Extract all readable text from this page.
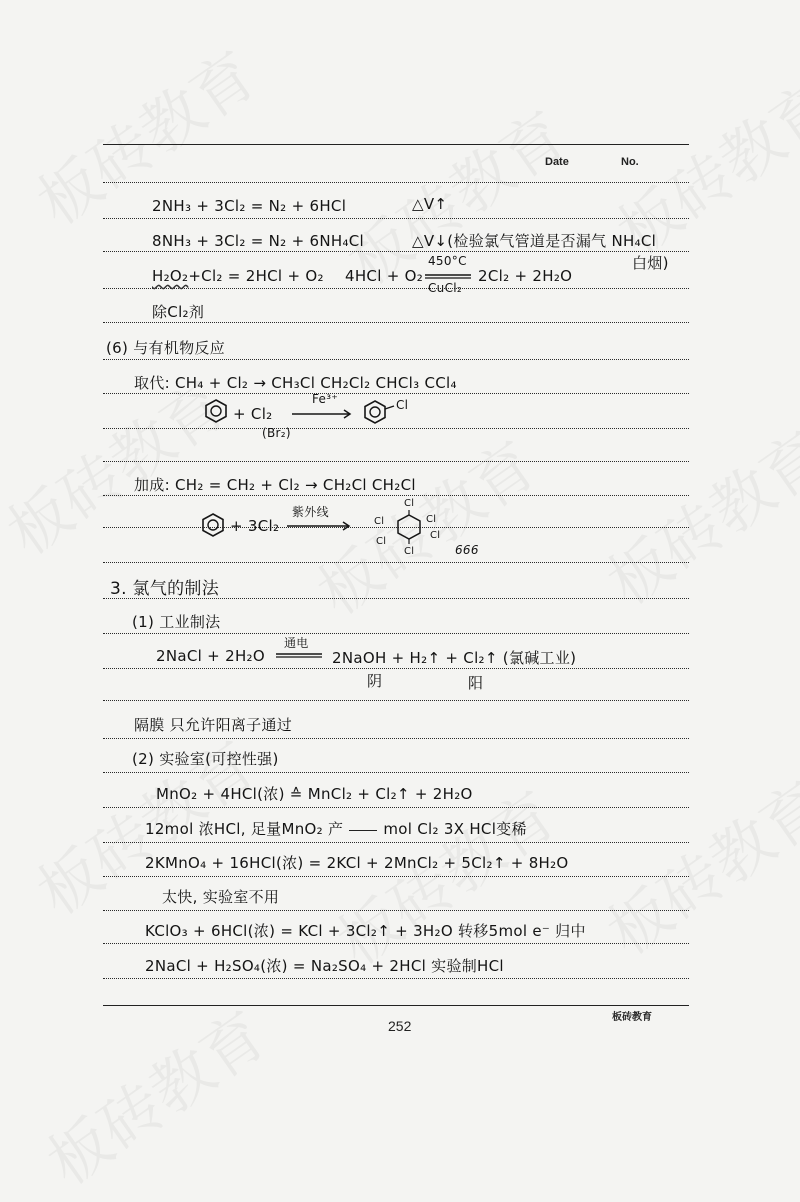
Date	No.
2NH₃ + 3Cl₂ = N₂ + 6HCl	△V↑
8NH₃ + 3Cl₂ = N₂ + 6NH₄Cl	△V↓(检验氯气管道是否漏气 NH₄Cl
白烟)
H₂O₂+Cl₂ = 2HCl + O₂ 4HCl + O₂
450°C
CuCl₂
2Cl₂ + 2H₂O
除Cl₂剂
(6) 与有机物反应
取代: CH₄ + Cl₂ → CH₃Cl CH₂Cl₂ CHCl₃ CCl₄
+ Cl₂
Fe³⁺
(Br₂)
Cl
加成: CH₂ = CH₂ + Cl₂ → CH₂Cl CH₂Cl
+ 3Cl₂
紫外线
Cl
Cl	Cl
Cl
Cl
Cl	666
3. 氯气的制法
(1) 工业制法
2NaCl + 2H₂O
通电
2NaOH + H₂↑ + Cl₂↑ (氯碱工业)
阴	阳
隔膜 只允许阳离子通过
(2) 实验室(可控性强)
MnO₂ + 4HCl(浓) ≙ MnCl₂ + Cl₂↑ + 2H₂O
12mol 浓HCl, 足量MnO₂ 产	mol Cl₂ 3X HCl变稀
2KMnO₄ + 16HCl(浓) = 2KCl + 2MnCl₂ + 5Cl₂↑ + 8H₂O
太快, 实验室不用
KClO₃ + 6HCl(浓) = KCl + 3Cl₂↑ + 3H₂O 转移5mol e⁻ 归中
2NaCl + H₂SO₄(浓) = Na₂SO₄ + 2HCl 实验制HCl
板砖教育
252
